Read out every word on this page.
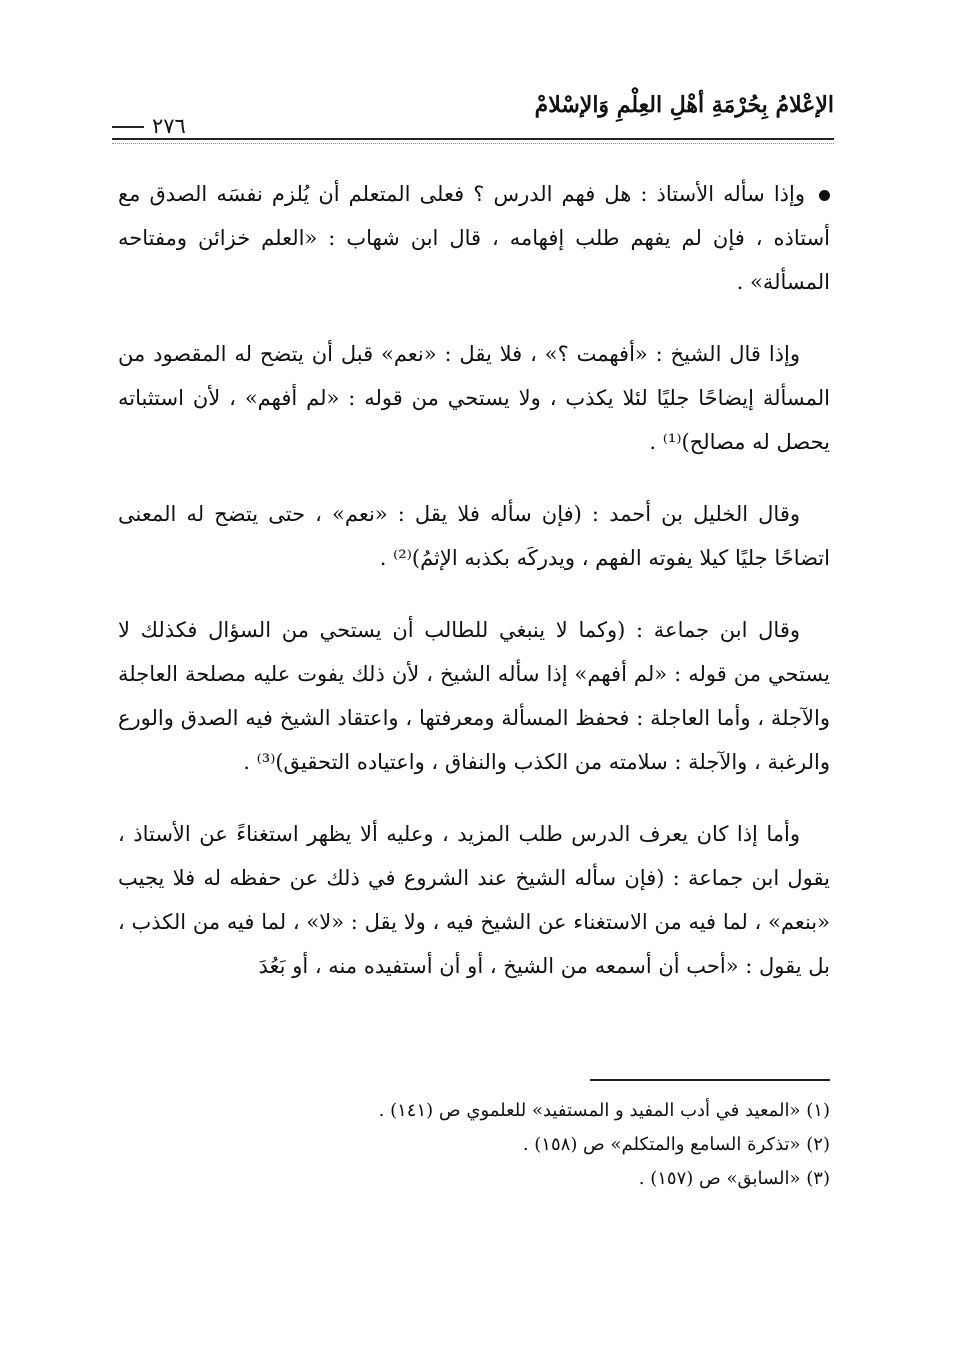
الإعْلامُ بِحُرْمَةِ أهْلِ العِلْمِ وَالإسْلامْ
٢٧٦

وإذا سأله الأستاذ : هل فهم الدرس ؟ فعلى المتعلم أن يُلزم نفسَه الصدق مع أستاذه ، فإن لم يفهم طلب إفهامه ، قال ابن شهاب : «العلم خزائن ومفتاحه المسألة» .

وإذا قال الشيخ : «أفهمت ؟» ، فلا يقل : «نعم» قبل أن يتضح له المقصود من المسألة إيضاحًا جليًا لئلا يكذب ، ولا يستحي من قوله : «لم أفهم» ، لأن استثباته يحصل له مصالح)⁽¹⁾ .

وقال الخليل بن أحمد : (فإن سأله فلا يقل : «نعم» ، حتى يتضح له المعنى اتضاحًا جليًا كيلا يفوته الفهم ، ويدركَه بكذبه الإثمُ)⁽²⁾ .

وقال ابن جماعة : (وكما لا ينبغي للطالب أن يستحي من السؤال فكذلك لا يستحي من قوله : «لم أفهم» إذا سأله الشيخ ، لأن ذلك يفوت عليه مصلحة العاجلة والآجلة ، وأما العاجلة : فحفظ المسألة ومعرفتها ، واعتقاد الشيخ فيه الصدق والورع والرغبة ، والآجلة : سلامته من الكذب والنفاق ، واعتياده التحقيق)⁽³⁾ .

وأما إذا كان يعرف الدرس طلب المزيد ، وعليه ألا يظهر استغناءً عن الأستاذ ، يقول ابن جماعة : (فإن سأله الشيخ عند الشروع في ذلك عن حفظه له فلا يجيب «بنعم» ، لما فيه من الاستغناء عن الشيخ فيه ، ولا يقل : «لا» ، لما فيه من الكذب ، بل يقول : «أحب أن أسمعه من الشيخ ، أو أن أستفيده منه ، أو بَعُدَ

(١) «المعيد في أدب المفيد و المستفيد» للعلموي ص (١٤١) .

(٢) «تذكرة السامع والمتكلم» ص (١٥٨) .

(٣) «السابق» ص (١٥٧) .
